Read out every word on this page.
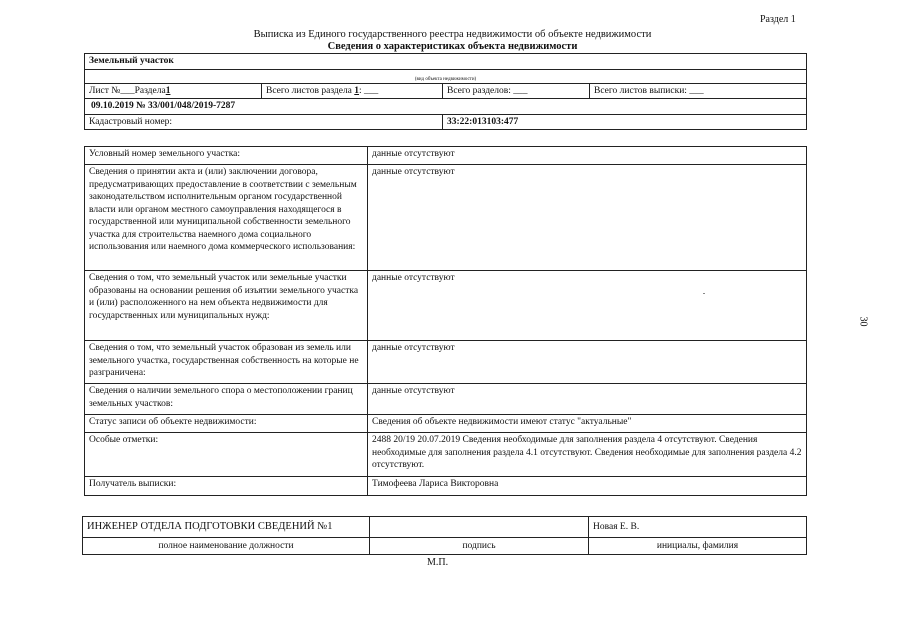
Раздел 1
Выписка из Единого государственного реестра недвижимости об объекте недвижимости
Сведения о характеристиках объекта недвижимости
Земельный участок			
(вид объекта недвижимости)			
Лист №___Раздела1	Всего листов раздела 1: ___	Всего разделов: ___	Всего листов выписки: ___
09.10.2019 № 33/001/048/2019-7287			
Кадастровый номер:		33:22:013103:477	
Условный номер земельного участка:	данные отсутствуют
Сведения о принятии акта и (или) заключении договора, предусматривающих предоставление в соответствии с земельным законодательством исполнительным органом государственной власти или органом местного самоуправления находящегося в государственной или муниципальной собственности земельного участка для строительства наемного дома социального использования или наемного дома коммерческого использования:	данные отсутствуют
Сведения о том, что земельный участок или земельные участки образованы на основании решения об изъятии земельного участка и (или) расположенного на нем объекта недвижимости для государственных или муниципальных нужд:	данные отсутствуют
Сведения о том, что земельный участок образован из земель или земельного участка, государственная собственность на которые не разграничена:	данные отсутствуют
Сведения о наличии земельного спора о местоположении границ земельных участков:	данные отсутствуют
Статус записи об объекте недвижимости:	Сведения об объекте недвижимости имеют статус "актуальные"
Особые отметки:	2488 20/19 20.07.2019 Сведения необходимые для заполнения раздела 4 отсутствуют. Сведения необходимые для заполнения раздела 4.1 отсутствуют. Сведения необходимые для заполнения раздела 4.2 отсутствуют.
Получатель выписки:	Тимофеева Лариса Викторовна
ИНЖЕНЕР ОТДЕЛА ПОДГОТОВКИ СВЕДЕНИЙ №1		Новая Е. В.
полное наименование должности	подпись	инициалы, фамилия
М.П.
30
